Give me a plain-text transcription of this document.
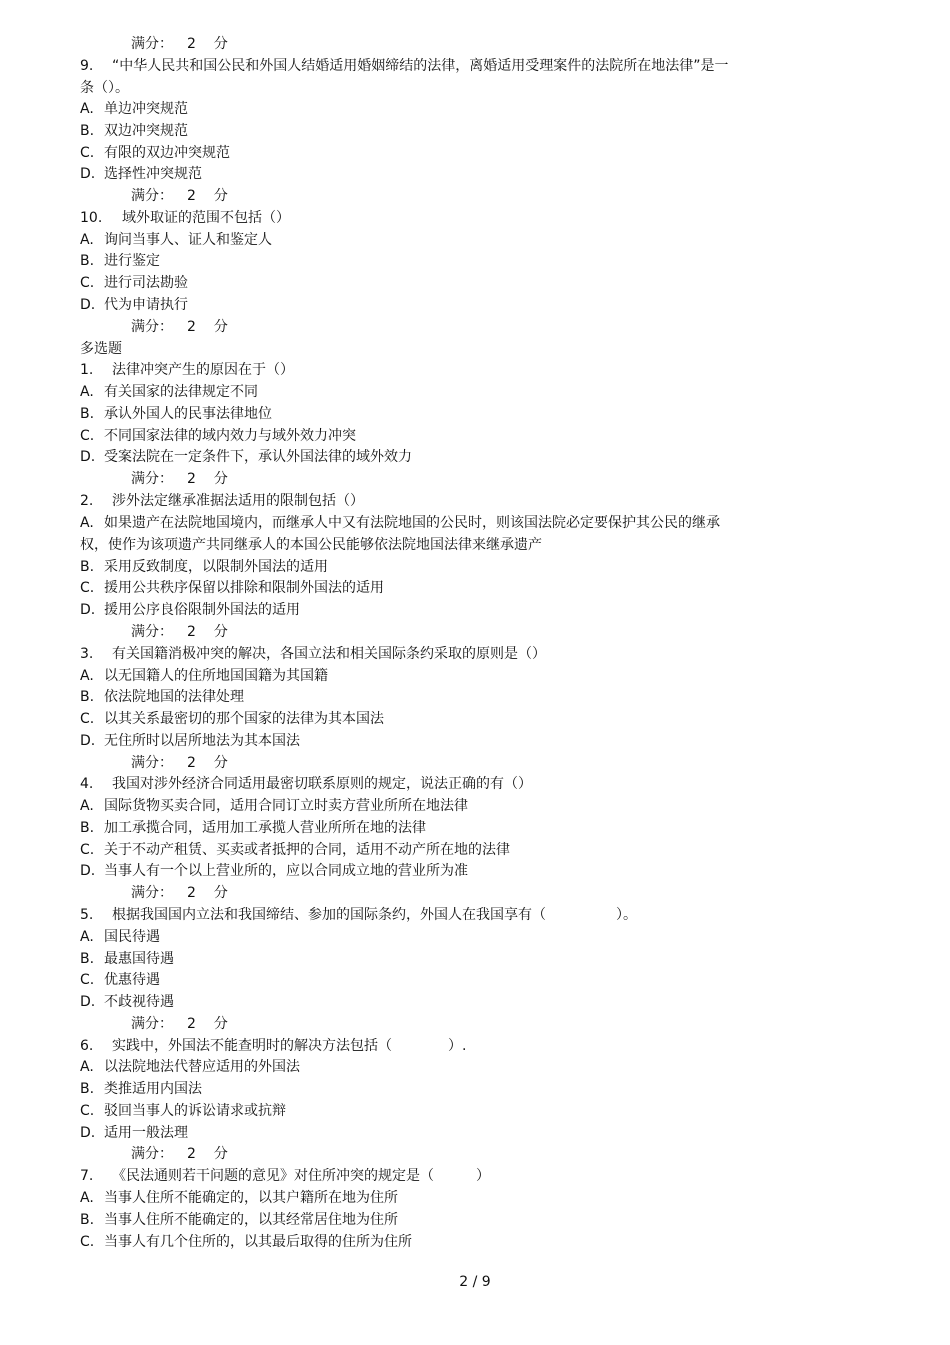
满分： 2 分
9. “中华人民共和国公民和外国人结婚适用婚姻缔结的法律，离婚适用受理案件的法院所在地法律”是一
条（）。
A. 单边冲突规范
B. 双边冲突规范
C. 有限的双边冲突规范
D. 选择性冲突规范
满分： 2 分
10. 域外取证的范围不包括（）
A. 询问当事人、证人和鉴定人
B. 进行鉴定
C. 进行司法勘验
D. 代为申请执行
满分： 2 分
多选题
1. 法律冲突产生的原因在于（）
A. 有关国家的法律规定不同
B. 承认外国人的民事法律地位
C. 不同国家法律的域内效力与域外效力冲突
D. 受案法院在一定条件下，承认外国法律的域外效力
满分： 2 分
2. 涉外法定继承准据法适用的限制包括（）
A. 如果遗产在法院地国境内，而继承人中又有法院地国的公民时，则该国法院必定要保护其公民的继承
权，使作为该项遗产共同继承人的本国公民能够依法院地国法律来继承遗产
B. 采用反致制度，以限制外国法的适用
C. 援用公共秩序保留以排除和限制外国法的适用
D. 援用公序良俗限制外国法的适用
满分： 2 分
3. 有关国籍消极冲突的解决，各国立法和相关国际条约采取的原则是（）
A. 以无国籍人的住所地国国籍为其国籍
B. 依法院地国的法律处理
C. 以其关系最密切的那个国家的法律为其本国法
D. 无住所时以居所地法为其本国法
满分： 2 分
4. 我国对涉外经济合同适用最密切联系原则的规定，说法正确的有（）
A. 国际货物买卖合同，适用合同订立时卖方营业所所在地法律
B. 加工承揽合同，适用加工承揽人营业所所在地的法律
C. 关于不动产租赁、买卖或者抵押的合同，适用不动产所在地的法律
D. 当事人有一个以上营业所的，应以合同成立地的营业所为准
满分： 2 分
5. 根据我国国内立法和我国缔结、参加的国际条约，外国人在我国享有（　　　　　）。
A. 国民待遇
B. 最惠国待遇
C. 优惠待遇
D. 不歧视待遇
满分： 2 分
6. 实践中，外国法不能查明时的解决方法包括（　　　　）.
A. 以法院地法代替应适用的外国法
B. 类推适用内国法
C. 驳回当事人的诉讼请求或抗辩
D. 适用一般法理
满分： 2 分
7. 《民法通则若干问题的意见》对住所冲突的规定是（　　　）
A. 当事人住所不能确定的，以其户籍所在地为住所
B. 当事人住所不能确定的，以其经常居住地为住所
C. 当事人有几个住所的，以其最后取得的住所为住所
2 / 9
